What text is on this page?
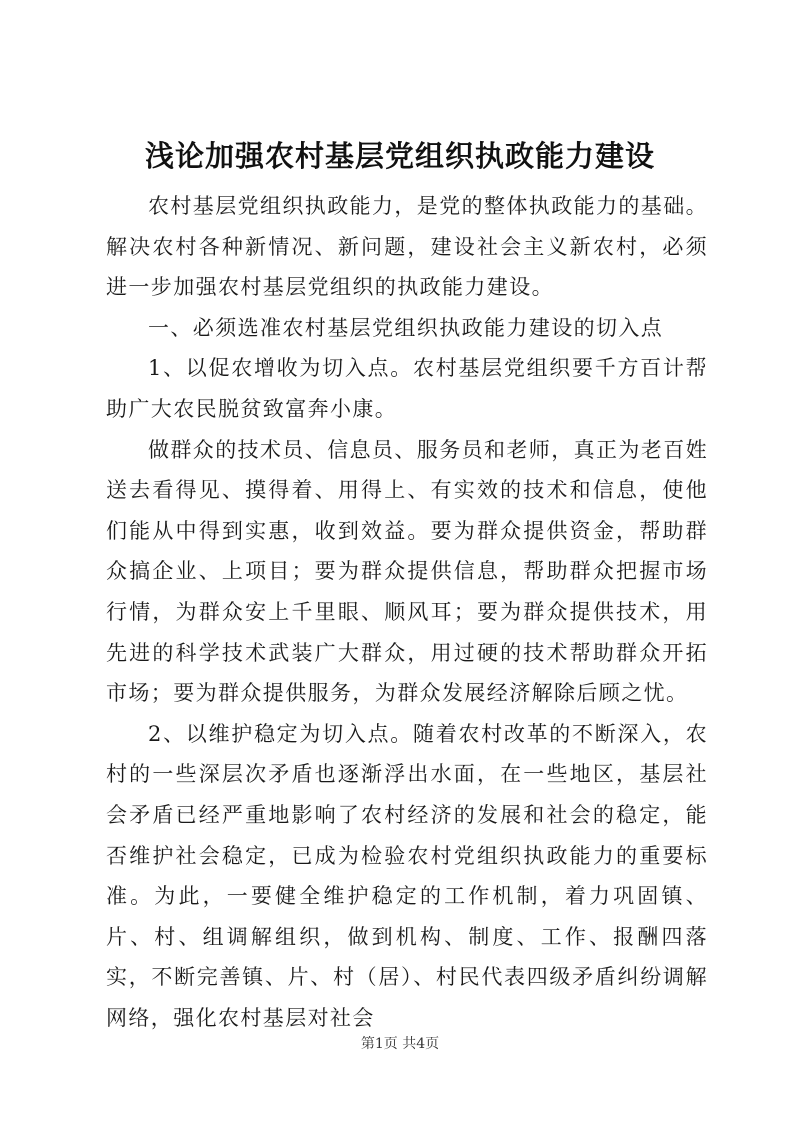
浅论加强农村基层党组织执政能力建设

农村基层党组织执政能力，是党的整体执政能力的基础。解决农村各种新情况、新问题，建设社会主义新农村，必须进一步加强农村基层党组织的执政能力建设。

一、必须选准农村基层党组织执政能力建设的切入点

1、以促农增收为切入点。农村基层党组织要千方百计帮助广大农民脱贫致富奔小康。

做群众的技术员、信息员、服务员和老师，真正为老百姓送去看得见、摸得着、用得上、有实效的技术和信息，使他们能从中得到实惠，收到效益。要为群众提供资金，帮助群众搞企业、上项目；要为群众提供信息，帮助群众把握市场行情，为群众安上千里眼、顺风耳；要为群众提供技术，用先进的科学技术武装广大群众，用过硬的技术帮助群众开拓市场；要为群众提供服务，为群众发展经济解除后顾之忧。

2、以维护稳定为切入点。随着农村改革的不断深入，农村的一些深层次矛盾也逐渐浮出水面，在一些地区，基层社会矛盾已经严重地影响了农村经济的发展和社会的稳定，能否维护社会稳定，已成为检验农村党组织执政能力的重要标准。为此，一要健全维护稳定的工作机制，着力巩固镇、片、村、组调解组织，做到机构、制度、工作、报酬四落实，不断完善镇、片、村（居）、村民代表四级矛盾纠纷调解网络，强化农村基层对社会

第1页 共4页
